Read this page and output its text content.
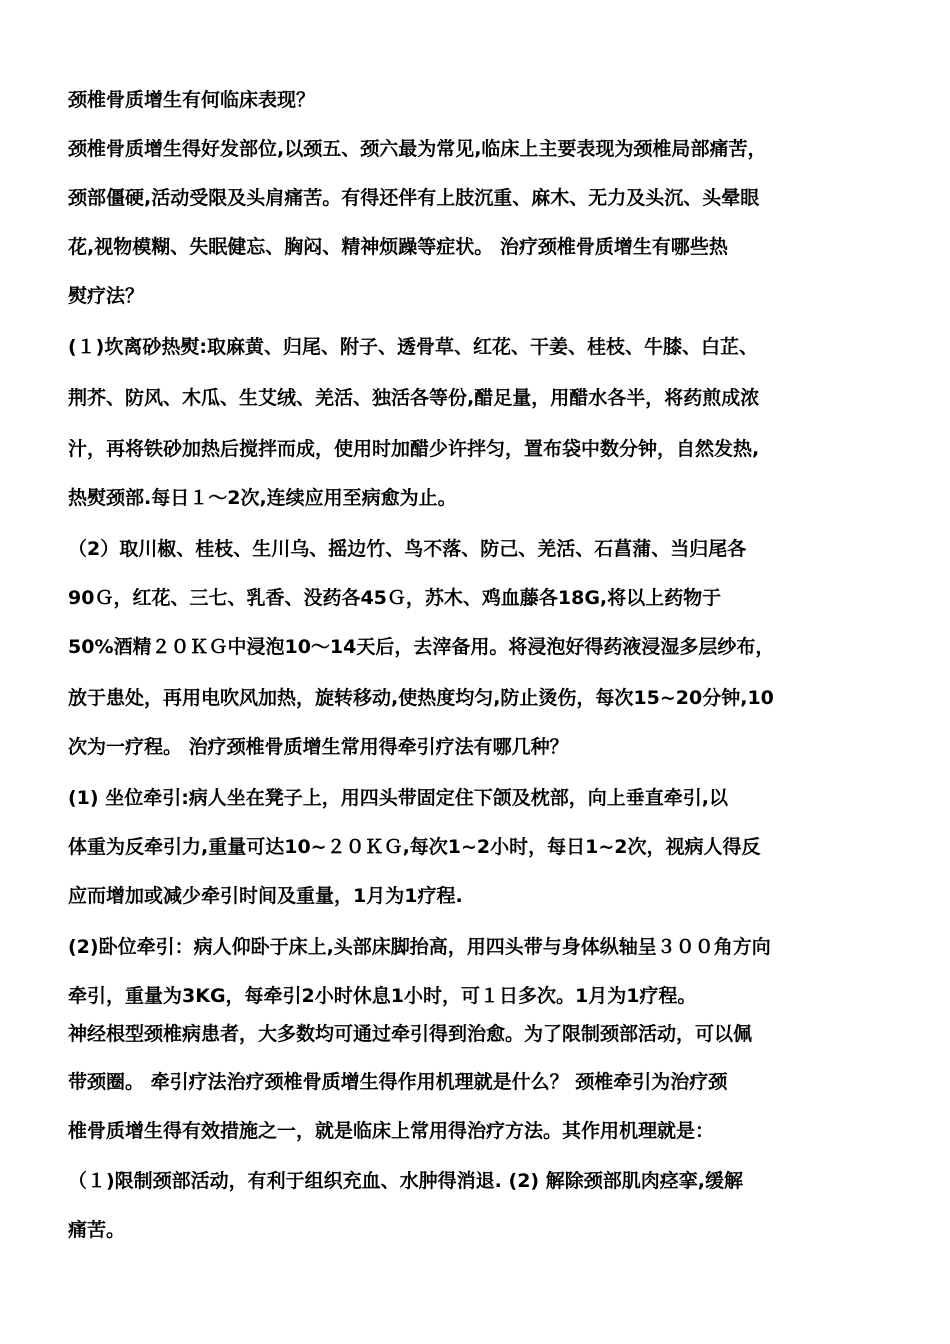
颈椎骨质增生有何临床表现？ ﻿
颈椎骨质增生得好发部位,以颈五、颈六最为常见,临床上主要表现为颈椎局部痛苦，
颈部僵硬,活动受限及头肩痛苦。有得还伴有上肢沉重、麻木、无力及头沉、头晕眼
花,视物模糊、失眠健忘、胸闷、精神烦躁等症状。 ﻿﻿治疗颈椎骨质增生有哪些热
熨疗法？
(１)﻿坎离砂热熨:取麻黄、归尾、附子、透骨草、红花、干姜、桂枝、牛膝、白芷、
荆芥、防风、木瓜、生艾绒、羌活、独活各等份,醋足量，用醋水各半，将药煎成浓
汁，再将铁砂加热后搅拌而成，使用时加醋少许拌匀，置布袋中数分钟，自然发热,
热熨颈部.每日１～2次,连续应用至病愈为止。
（2）取川椒、桂枝、生川乌、摇边竹、鸟不落、防己、羌活、石菖蒲、当归尾各
90Ｇ，红花、三七、乳香、没药各45Ｇ，苏木、鸡血藤各18G,将以上药物于
50%酒精２０ＫＧ中浸泡10～14天后，去滓备用。将浸泡好得药液浸湿多层纱布，
放于患处，再用电吹风加热，旋转移动,使热度均匀,防止烫伤，每次15~20分钟,10
次为一疗程。 ﻿﻿治疗颈椎骨质增生常用得牵引疗法有哪几种？
(1) ﻿坐位牵引:病人坐在凳子上，用四头带固定住下颌及枕部，向上垂直牵引,以
体重为反牵引力,重量可达10~２０ＫＧ,每次1~2小时，每日1~2次，视病人得反
应而增加或减少牵引时间及重量，1月为1疗程.
(2)卧位牵引：病人仰卧于床上,头部床脚抬高，用四头带与身体纵轴呈３００角方向
牵引，重量为3KG，每牵引2小时休息1小时，可１日多次。1月为1疗程。
神经根型颈椎病患者，大多数均可通过牵引得到治愈。为了限制颈部活动，可以佩
带颈圈。 ﻿﻿牵引疗法治疗颈椎骨质增生得作用机理就是什么？ ﻿﻿颈椎牵引为治疗颈
椎骨质增生得有效措施之一，就是临床上常用得治疗方法。其作用机理就是：
（１)限制颈部活动，有利于组织充血、水肿得消退. (2) ﻿解除颈部肌肉痉挛,缓解
痛苦。
